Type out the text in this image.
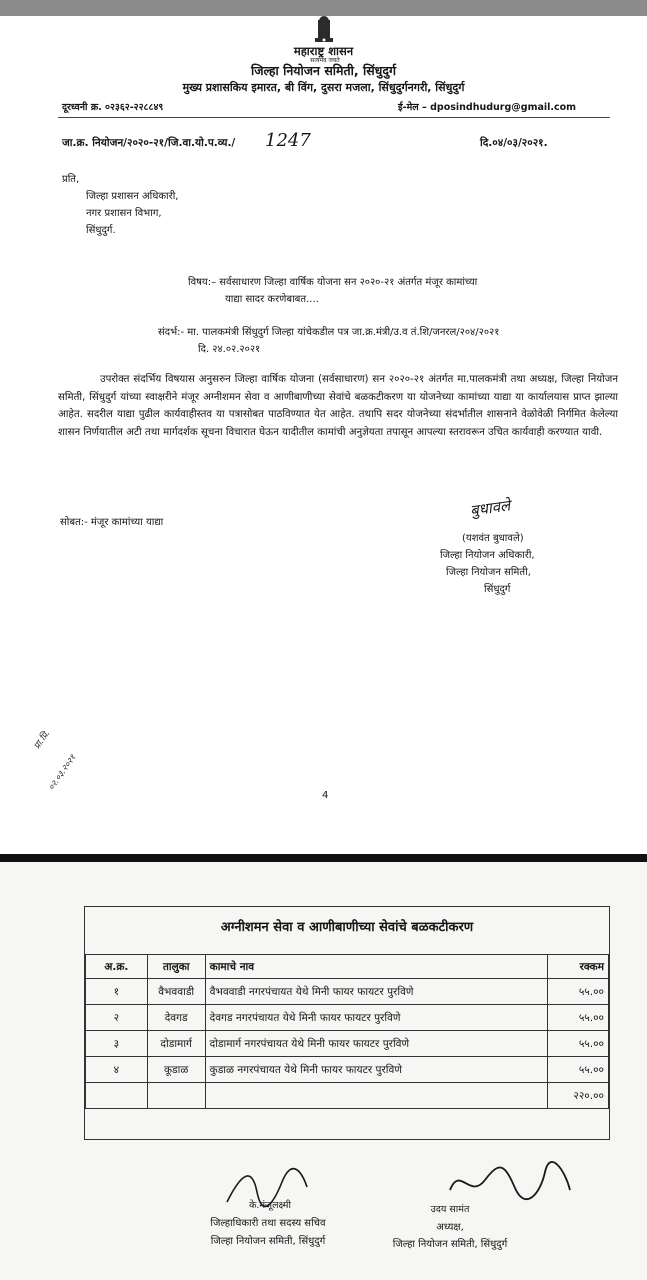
सत्यमेव जयते
महाराष्ट्र शासन
जिल्हा नियोजन समिती, सिंधुदुर्ग
मुख्य प्रशासकिय इमारत, बी विंग, दुसरा मजला, सिंधुदुर्गनगरी, सिंधुदुर्ग
दूरध्वनी क्र. ०२३६२-२२८८४९	ई-मेल – dposindhudurg@gmail.com
जा.क्र. नियोजन/२०२०-२१/जि.वा.यो.प.व्य./ 1247	दि.०४/०३/२०२१.
प्रति,
जिल्हा प्रशासन अधिकारी,
नगर प्रशासन विभाग,
सिंधुदुर्ग.
विषय:– सर्वसाधारण जिल्हा वार्षिक योजना सन २०२०-२१ अंतर्गत मंजूर कामांच्या
याद्या सादर करणेबाबत....
संदर्भ:- मा. पालकमंत्री सिंधुदुर्ग जिल्हा यांचेकडील पत्र जा.क्र.मंत्री/उ.व तं.शि/जनरल/२०४/२०२१
दि. २४.०२.२०२१
उपरोक्त संदर्भिय विषयास अनुसरुन जिल्हा वार्षिक योजना (सर्वसाधारण) सन २०२०-२१ अंतर्गत मा.पालकमंत्री तथा अध्यक्ष, जिल्हा नियोजन समिती, सिंधुदुर्ग यांच्या स्वाक्षरीने मंजूर अग्नीशमन सेवा व आणीबाणीच्या सेवांचे बळकटीकरण या योजनेच्या कामांच्या याद्या या कार्यालयास प्राप्त झाल्या आहेत. सदरील याद्या पुढील कार्यवाहीस्तव या पत्रासोबत पाठविण्यात येत आहेत. तथापि सदर योजनेच्या संदर्भातील शासनाने वेळोवेळी निर्गमित केलेल्या शासन निर्णयातील अटी तथा मार्गदर्शक सूचना विचारात घेऊन यादीतील कामांची अनुज्ञेयता तपासून आपल्या स्तरावरून उचित कार्यवाही करण्यात यावी.
सोबत:- मंजूर कामांच्या याद्या
बुधावले
(यशवंत बुधावले)
जिल्हा नियोजन अधिकारी,
जिल्हा नियोजन समिती,
सिंधुदुर्ग
प्रा.प्रि.
०२.०३.२०२१
4
अग्नीशमन सेवा व आणीबाणीच्या सेवांचे बळकटीकरण
अ.क्र.	तालुका	कामाचे नाव	रक्कम
१	वैभववाडी	वैभववाडी नगरपंचायत येथे मिनी फायर फायटर पुरविणे	५५.००
२	देवगड	देवगड नगरपंचायत येथे मिनी फायर फायटर पुरविणे	५५.००
३	दोडामार्ग	दोडामार्ग नगरपंचायत येथे मिनी फायर फायटर पुरविणे	५५.००
४	कूडाळ	कुडाळ नगरपंचायत येथे मिनी फायर फायटर पुरविणे	५५.००
			२२०.००
के.मंजूलक्ष्मी
जिल्हाधिकारी तथा सदस्य सचिव
जिल्हा नियोजन समिती, सिंधुदुर्ग
उदय सामंत
अध्यक्ष,
जिल्हा नियोजन समिती, सिंधुदुर्ग
